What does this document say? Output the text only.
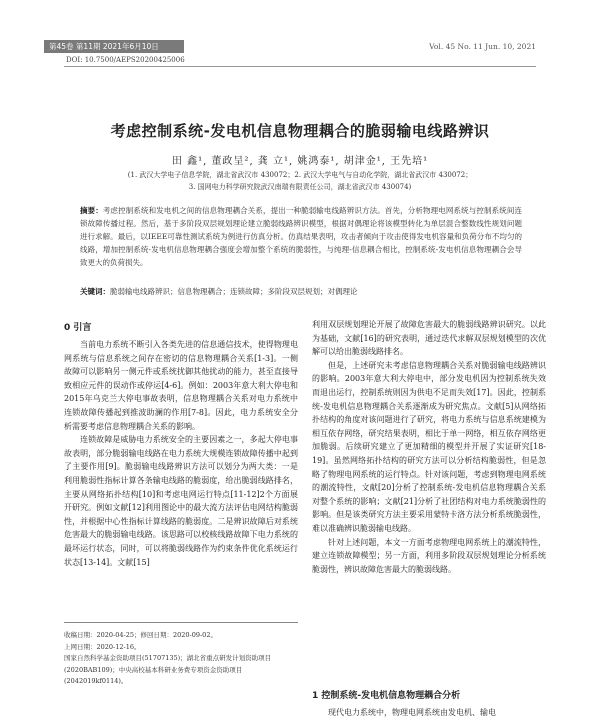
第45卷 第11期 2021年6月10日	Vol. 45 No. 11 Jun. 10, 2021
DOI: 10.7500/AEPS20200425006
考虑控制系统-发电机信息物理耦合的脆弱输电线路辨识
田 鑫¹, 董政呈², 龚 立¹, 姚鸿泰¹, 胡津金¹, 王先培¹
(1. 武汉大学电子信息学院，湖北省武汉市 430072；2. 武汉大学电气与自动化学院，湖北省武汉市 430072；
3. 国网电力科学研究院武汉南瑞有限责任公司，湖北省武汉市 430074)
摘要：考虑控制系统和发电机之间的信息物理耦合关系，提出一种脆弱输电线路辨识方法。首先，分析物理电网系统与控制系统间连锁故障传播过程。然后，基于多阶段双层规划理论建立脆弱线路辨识模型，根据对偶理论将该模型转化为单层混合整数线性规划问题进行求解。最后，以IEEE可靠性测试系统为例进行仿真分析。仿真结果表明，攻击者倾向于攻击使得发电机容量和负荷分布不均匀的线路，增加控制系统-发电机信息物理耦合强度会增加整个系统的脆弱性，与纯理-信息耦合相比，控制系统-发电机信息物理耦合会导致更大的负荷损失。
关键词：脆弱输电线路辨识；信息物理耦合；连锁故障；多阶段双层规划；对偶理论
0 引言

当前电力系统不断引入各类先进的信息通信技术，使得物理电网系统与信息系统之间存在密切的信息物理耦合关系[1-3]。一侧故障可以影响另一侧元件或系统扰御其他扰动的能力，甚至直接导致相应元件的误动作或停运[4-6]。例如：2003年意大利大停电和2015年乌克兰大停电事故表明，信息物理耦合关系对电力系统中连锁故障传播起到推波助澜的作用[7-8]。因此，电力系统安全分析需要考虑信息物理耦合关系的影响。

连锁故障是威胁电力系统安全的主要因素之一，多起大停电事故表明，部分脆弱输电线路在电力系统大规模连锁故障传播中起到了主要作用[9]。脆弱输电线路辨识方法可以划分为两大类：一是利用脆弱性指标计算各条输电线路的脆弱度，给出脆弱线路排名，主要从网络拓扑结构[10]和考虑电网运行特点[11-12]2个方面展开研究。例如文献[12]利用图论中的最大流方法评估电网结构脆弱性，并根据中心性指标计算线路的脆弱度。二是辨识故障后对系统危害最大的脆弱输电线路。该思路可以校核线路故障下电力系统的最坏运行状态，同时，可以将脆弱线路作为约束条件优化系统运行状态[13-14]。文献[15]

利用双层规划理论开展了故障危害最大的脆弱线路辨识研究。以此为基础，文献[16]的研究表明，通过迭代求解双层规划模型的次优解可以给出脆弱线路排名。

但是，上述研究未考虑信息物理耦合关系对脆弱输电线路辨识的影响。2003年意大利大停电中，部分发电机因为控制系统失效而退出运行，控制系统则因为供电不足而失效[17]。因此，控制系统-发电机信息物理耦合关系逐渐成为研究焦点。文献[5]从网络拓扑结构的角度对该问题进行了研究，将电力系统与信息系统建模为相互依存网络，研究结果表明，相比于单一网络，相互依存网络更加脆弱。后续研究建立了更加精细的模型并开展了实证研究[18-19]。虽然网络拓扑结构的研究方法可以分析结构脆弱性，但是忽略了物理电网系统的运行特点。针对该问题，考虑到物理电网系统的潮流特性，文献[20]分析了控制系统-发电机信息物理耦合关系对整个系统的影响；文献[21]分析了社团结构对电力系统脆弱性的影响。但是该类研究方法主要采用蒙特卡洛方法分析系统脆弱性，难以准确辨识脆弱输电线路。

针对上述问题，本文一方面考虑物理电网系统上的潮流特性，建立连锁故障模型；另一方面，利用多阶段双层规划理论分析系统脆弱性，辨识故障危害最大的脆弱线路。

1 控制系统-发电机信息物理耦合分析

现代电力系统中，物理电网系统由发电机、输电

收稿日期：2020-04-25；修回日期：2020-09-02。
上网日期：2020-12-16。
国家自然科学基金资助项目(51707135)；湖北省重点研发计划资助项目(2020BAB109)；中央高校基本科研业务费专项资金资助项目(2042019kf0114)。
